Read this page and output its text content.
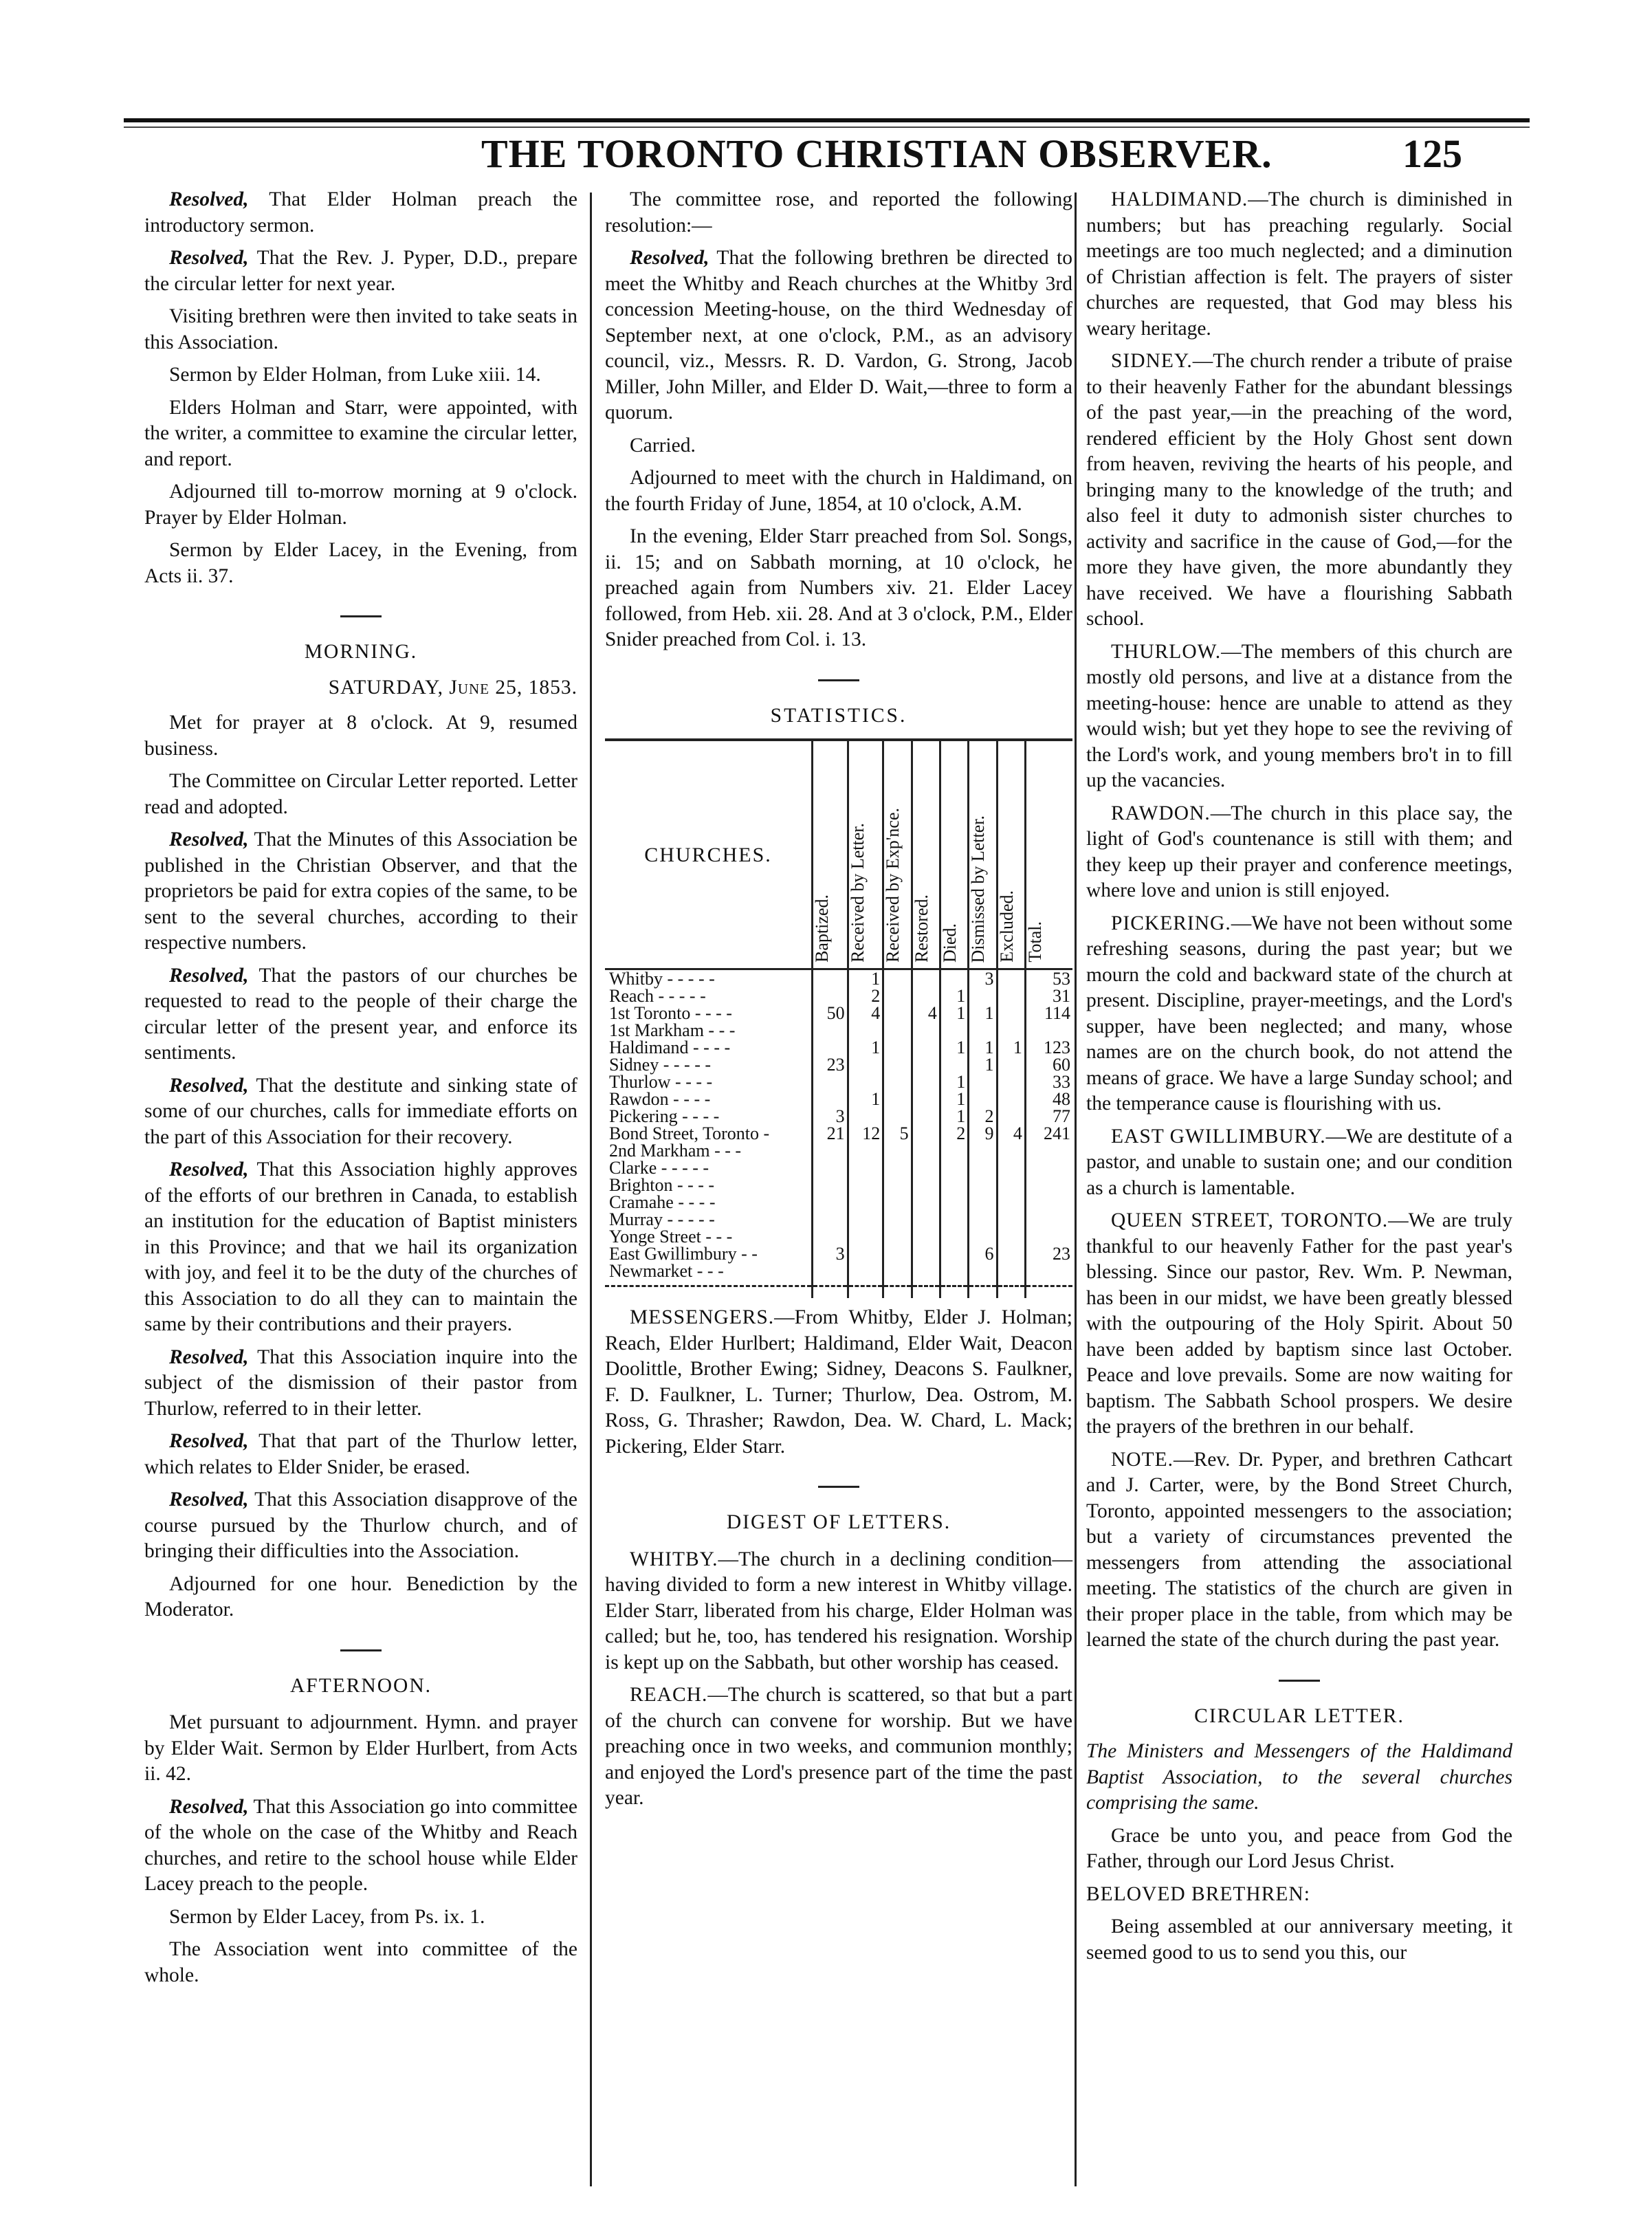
THE TORONTO CHRISTIAN OBSERVER.	125

Resolved, That Elder Holman preach the introductory sermon.

Resolved, That the Rev. J. Pyper, D.D., prepare the circular letter for next year.

Visiting brethren were then invited to take seats in this Association.

Sermon by Elder Holman, from Luke xiii. 14.

Elders Holman and Starr, were appointed, with the writer, a committee to examine the circular letter, and report.

Adjourned till to-morrow morning at 9 o'clock. Prayer by Elder Holman.

Sermon by Elder Lacey, in the Evening, from Acts ii. 37.

MORNING.
SATURDAY, June 25, 1853.

Met for prayer at 8 o'clock. At 9, resumed business.

The Committee on Circular Letter reported. Letter read and adopted.

Resolved, That the Minutes of this Association be published in the Christian Observer, and that the proprietors be paid for extra copies of the same, to be sent to the several churches, according to their respective numbers.

Resolved, That the pastors of our churches be requested to read to the people of their charge the circular letter of the present year, and enforce its sentiments.

Resolved, That the destitute and sinking state of some of our churches, calls for immediate efforts on the part of this Association for their recovery.

Resolved, That this Association highly approves of the efforts of our brethren in Canada, to establish an institution for the education of Baptist ministers in this Province; and that we hail its organization with joy, and feel it to be the duty of the churches of this Association to do all they can to maintain the same by their contributions and their prayers.

Resolved, That this Association inquire into the subject of the dismission of their pastor from Thurlow, referred to in their letter.

Resolved, That that part of the Thurlow letter, which relates to Elder Snider, be erased.

Resolved, That this Association disapprove of the course pursued by the Thurlow church, and of bringing their difficulties into the Association.

Adjourned for one hour. Benediction by the Moderator.

AFTERNOON.

Met pursuant to adjournment. Hymn. and prayer by Elder Wait. Sermon by Elder Hurlbert, from Acts ii. 42.

Resolved, That this Association go into committee of the whole on the case of the Whitby and Reach churches, and retire to the school house while Elder Lacey preach to the people.

Sermon by Elder Lacey, from Ps. ix. 1.

The Association went into committee of the whole.

The committee rose, and reported the following resolution:—

Resolved, That the following brethren be directed to meet the Whitby and Reach churches at the Whitby 3rd concession Meeting-house, on the third Wednesday of September next, at one o'clock, P.M., as an advisory council, viz., Messrs. R. D. Vardon, G. Strong, Jacob Miller, John Miller, and Elder D. Wait,—three to form a quorum.

Carried.

Adjourned to meet with the church in Haldimand, on the fourth Friday of June, 1854, at 10 o'clock, A.M.

In the evening, Elder Starr preached from Sol. Songs, ii. 15; and on Sabbath morning, at 10 o'clock, he preached again from Numbers xiv. 21. Elder Lacey followed, from Heb. xii. 28. And at 3 o'clock, P.M., Elder Snider preached from Col. i. 13.

STATISTICS.
CHURCHES.	Baptized.	Received by Letter.	Received by Exp'nce.	Restored.	Died.	Dismissed by Letter.	Excluded.	Total.
Whitby - - - - -		1				3		53
Reach - - - - -		2			1			31
1st Toronto - - - -	50	4		4	1	1		114
1st Markham - - -								
Haldimand - - - -		1			1	1	1	123
Sidney - - - - -	23					1		60
Thurlow - - - -					1			33
Rawdon - - - -		1			1			48
Pickering - - - -	3				1	2		77
Bond Street, Toronto -	21	12	5		2	9	4	241
2nd Markham - - -								
Clarke - - - - -								
Brighton - - - -								
Cramahe - - - -								
Murray - - - - -								
Yonge Street - - -								
East Gwillimbury - -	3					6		23
Newmarket - - -								

MESSENGERS.—From Whitby, Elder J. Holman; Reach, Elder Hurlbert; Haldimand, Elder Wait, Deacon Doolittle, Brother Ewing; Sidney, Deacons S. Faulkner, F. D. Faulkner, L. Turner; Thurlow, Dea. Ostrom, M. Ross, G. Thrasher; Rawdon, Dea. W. Chard, L. Mack; Pickering, Elder Starr.

DIGEST OF LETTERS.

WHITBY.—The church in a declining condition—having divided to form a new interest in Whitby village. Elder Starr, liberated from his charge, Elder Holman was called; but he, too, has tendered his resignation. Worship is kept up on the Sabbath, but other worship has ceased.

REACH.—The church is scattered, so that but a part of the church can convene for worship. But we have preaching once in two weeks, and communion monthly; and enjoyed the Lord's presence part of the time the past year.

HALDIMAND.—The church is diminished in numbers; but has preaching regularly. Social meetings are too much neglected; and a diminution of Christian affection is felt. The prayers of sister churches are requested, that God may bless his weary heritage.

SIDNEY.—The church render a tribute of praise to their heavenly Father for the abundant blessings of the past year,—in the preaching of the word, rendered efficient by the Holy Ghost sent down from heaven, reviving the hearts of his people, and bringing many to the knowledge of the truth; and also feel it duty to admonish sister churches to activity and sacrifice in the cause of God,—for the more they have given, the more abundantly they have received. We have a flourishing Sabbath school.

THURLOW.—The members of this church are mostly old persons, and live at a distance from the meeting-house: hence are unable to attend as they would wish; but yet they hope to see the reviving of the Lord's work, and young members bro't in to fill up the vacancies.

RAWDON.—The church in this place say, the light of God's countenance is still with them; and they keep up their prayer and conference meetings, where love and union is still enjoyed.

PICKERING.—We have not been without some refreshing seasons, during the past year; but we mourn the cold and backward state of the church at present. Discipline, prayer-meetings, and the Lord's supper, have been neglected; and many, whose names are on the church book, do not attend the means of grace. We have a large Sunday school; and the temperance cause is flourishing with us.

EAST GWILLIMBURY.—We are destitute of a pastor, and unable to sustain one; and our condition as a church is lamentable.

QUEEN STREET, TORONTO.—We are truly thankful to our heavenly Father for the past year's blessing. Since our pastor, Rev. Wm. P. Newman, has been in our midst, we have been greatly blessed with the outpouring of the Holy Spirit. About 50 have been added by baptism since last October. Peace and love prevails. Some are now waiting for baptism. The Sabbath School prospers. We desire the prayers of the brethren in our behalf.

NOTE.—Rev. Dr. Pyper, and brethren Cathcart and J. Carter, were, by the Bond Street Church, Toronto, appointed messengers to the association; but a variety of circumstances prevented the messengers from attending the associational meeting. The statistics of the church are given in their proper place in the table, from which may be learned the state of the church during the past year.

CIRCULAR LETTER.

The Ministers and Messengers of the Haldimand Baptist Association, to the several churches comprising the same.

Grace be unto you, and peace from God the Father, through our Lord Jesus Christ.

BELOVED BRETHREN:

Being assembled at our anniversary meeting, it seemed good to us to send you this, our
